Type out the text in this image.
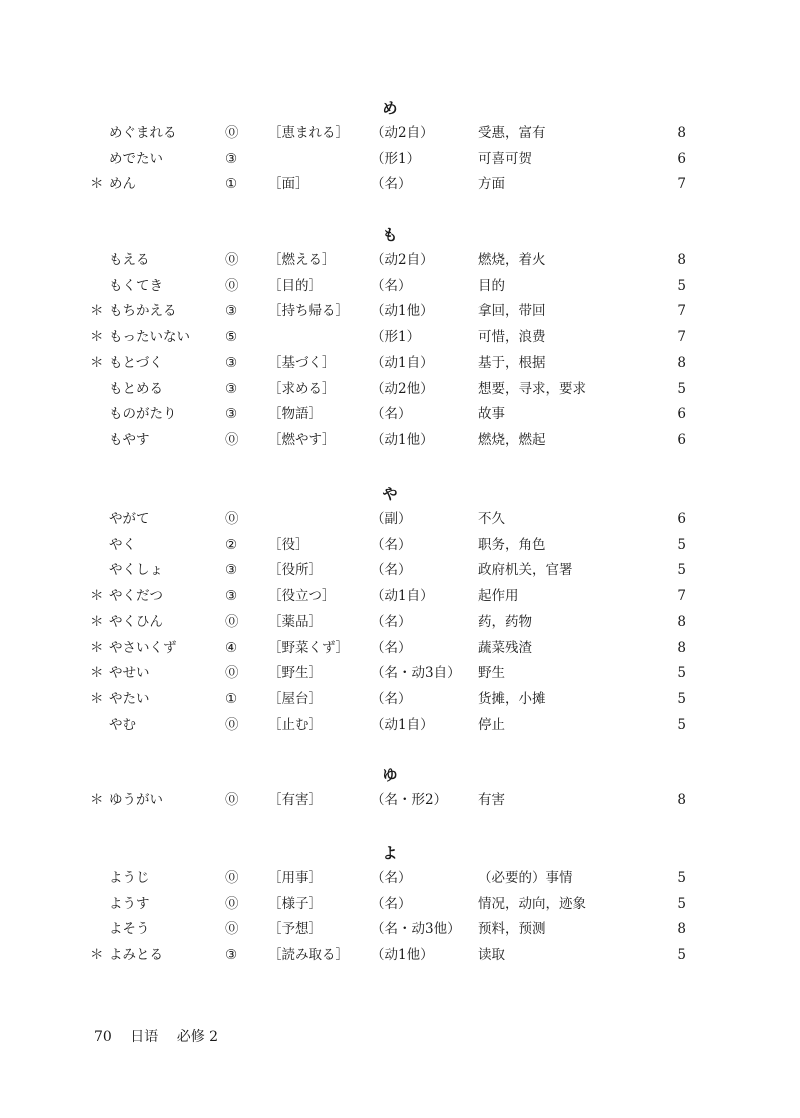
め
めぐまれる	⓪ ［恵まれる］ （动2自）	受惠，富有	8
めでたい	③	（形1）	可喜可贺	6
＊ めん	① ［面］	（名）	方面	7
も
もえる	⓪ ［燃える］	（动2自）	燃烧，着火	8
もくてき	⓪ ［目的］	（名）	目的	5
＊ もちかえる	③ ［持ち帰る］ （动1他）	拿回，带回	7
＊ もったいない	⑤	（形1）	可惜，浪费	7
＊ もとづく	③ ［基づく］	（动1自）	基于，根据	8
もとめる	③ ［求める］	（动2他）	想要，寻求，要求	5
ものがたり	③ ［物語］	（名）	故事	6
もやす	⓪ ［燃やす］	（动1他）	燃烧，燃起	6
や
やがて	⓪	（副）	不久	6
やく	② ［役］	（名）	职务，角色	5
やくしょ	③ ［役所］	（名）	政府机关，官署	5
＊ やくだつ	③ ［役立つ］	（动1自）	起作用	7
＊ やくひん	⓪ ［薬品］	（名）	药，药物	8
＊ やさいくず	④ ［野菜くず］ （名）	蔬菜残渣	8
＊ やせい	⓪ ［野生］	（名・动3自） 野生	5
＊ やたい	① ［屋台］	（名）	货摊，小摊	5
やむ	⓪ ［止む］	（动1自）	停止	5
ゆ
＊ ゆうがい	⓪ ［有害］	（名・形2） 有害	8
よ
ようじ	⓪ ［用事］	（名）	（必要的）事情	5
ようす	⓪ ［様子］	（名）	情况，动向，迹象	5
よそう	⓪ ［予想］	（名・动3他） 预料，预测	8
＊ よみとる	③ ［読み取る］ （动1他）	读取	5
70 日语 必修 2
